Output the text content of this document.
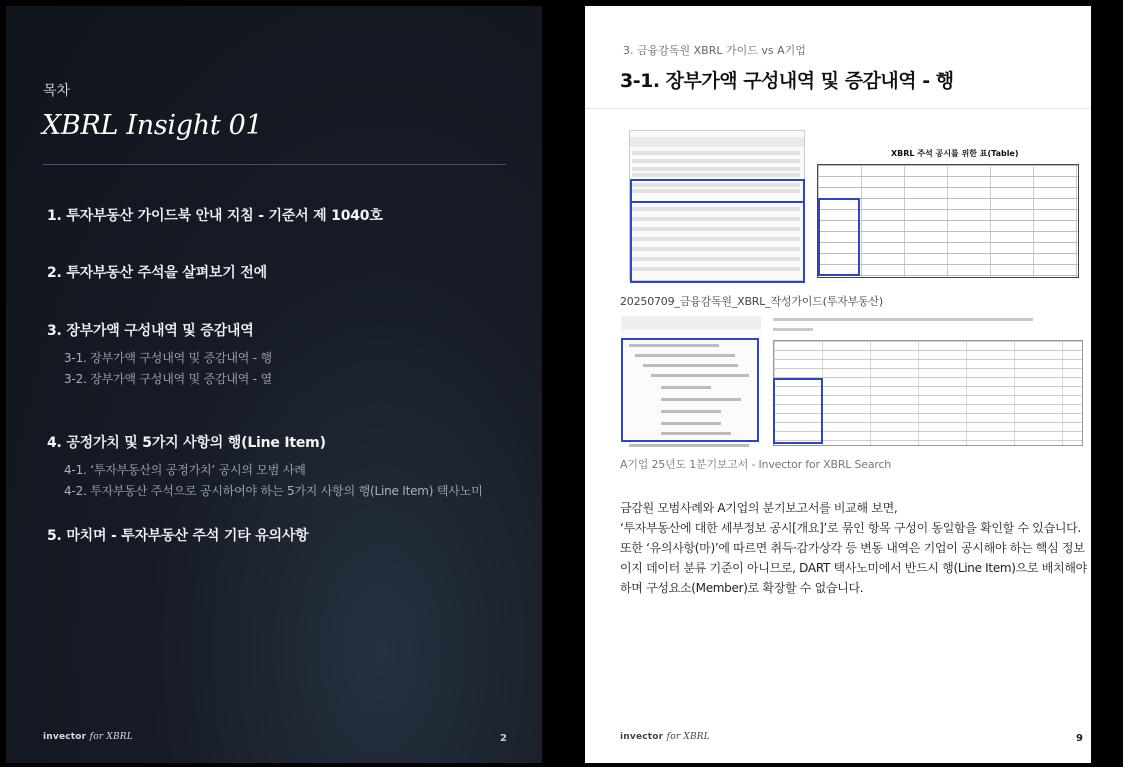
목차
XBRL Insight 01
1. 투자부동산 가이드북 안내 지침 - 기준서 제 1040호
2. 투자부동산 주석을 살펴보기 전에
3. 장부가액 구성내역 및 증감내역
3-1. 장부가액 구성내역 및 증감내역 - 행
3-2. 장부가액 구성내역 및 증감내역 - 열
4. 공정가치 및 5가지 사항의 행(Line Item)
4-1. ‘투자부동산의 공정가치’ 공시의 모범 사례
4-2. 투자부동산 주석으로 공시하여야 하는 5가지 사항의 행(Line Item) 택사노미
5. 마치며 - 투자부동산 주석 기타 유의사항
invector for XBRL	2
3. 금융감독원 XBRL 가이드 vs A기업
3-1. 장부가액 구성내역 및 증감내역 - 행
XBRL 주석 공시를 위한 표(Table)
20250709_금융감독원_XBRL_작성가이드(투자부동산)
A기업 25년도 1분기보고서 - Invector for XBRL Search
금감원 모범사례와 A기업의 분기보고서를 비교해 보면,
‘투자부동산에 대한 세부정보 공시[개요]’로 묶인 항목 구성이 동일함을 확인할 수 있습니다.
또한 ‘유의사항(마)’에 따르면 취득·감가상각 등 변동 내역은 기업이 공시해야 하는 핵심 정보
이지 데이터 분류 기준이 아니므로, DART 택사노미에서 반드시 행(Line Item)으로 배치해야
하며 구성요소(Member)로 확장할 수 없습니다.
invector for XBRL	9
